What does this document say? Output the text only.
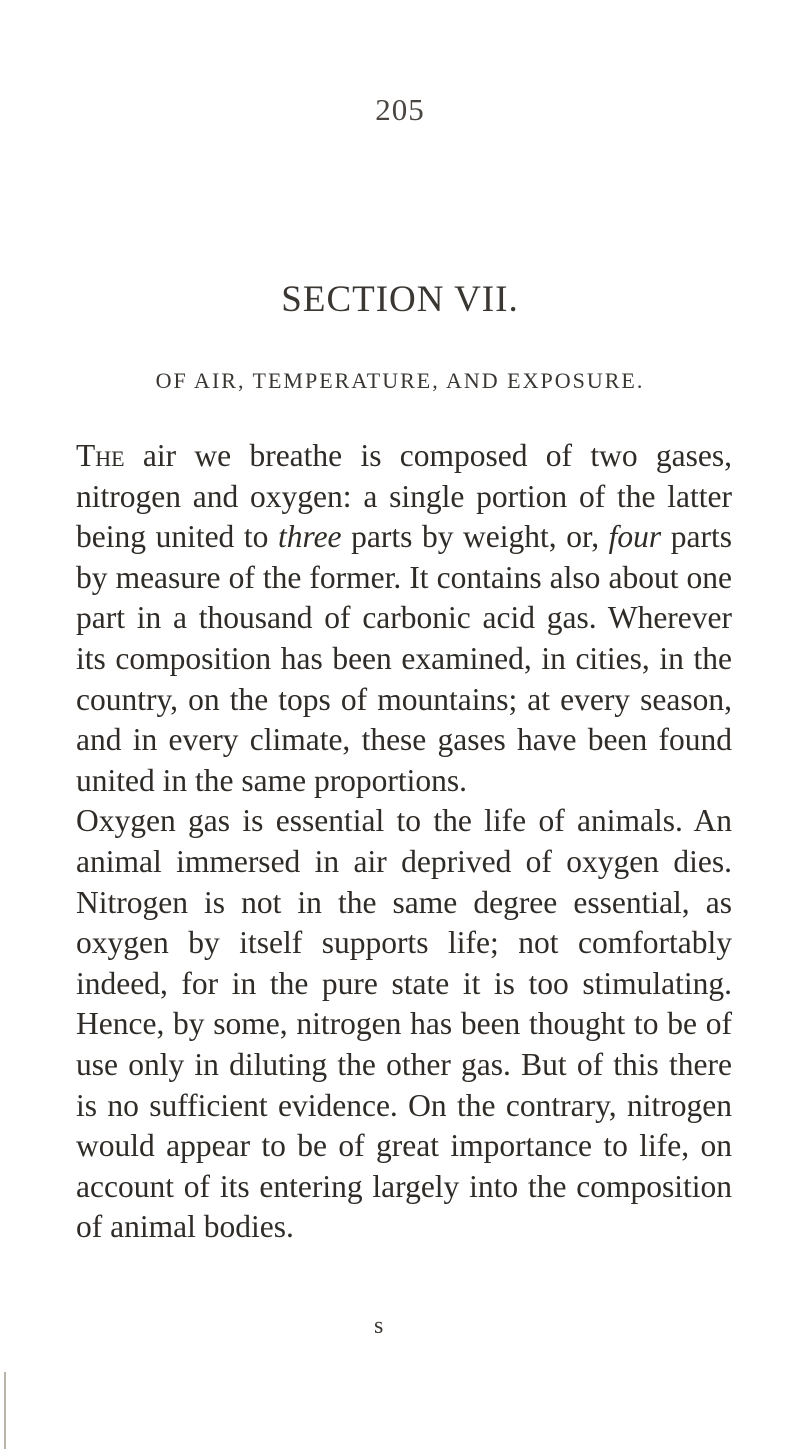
205
SECTION VII.
OF AIR, TEMPERATURE, AND EXPOSURE.

The air we breathe is composed of two gases, nitrogen and oxygen: a single portion of the latter being united to three parts by weight, or, four parts by measure of the former. It contains also about one part in a thousand of carbonic acid gas. Wherever its composition has been examined, in cities, in the country, on the tops of mountains; at every season, and in every climate, these gases have been found united in the same proportions.

Oxygen gas is essential to the life of animals. An animal immersed in air deprived of oxygen dies. Nitrogen is not in the same degree essential, as oxygen by itself supports life; not comfortably indeed, for in the pure state it is too stimulating. Hence, by some, nitrogen has been thought to be of use only in diluting the other gas. But of this there is no sufficient evidence. On the contrary, nitrogen would appear to be of great importance to life, on account of its entering largely into the composition of animal bodies.

s
